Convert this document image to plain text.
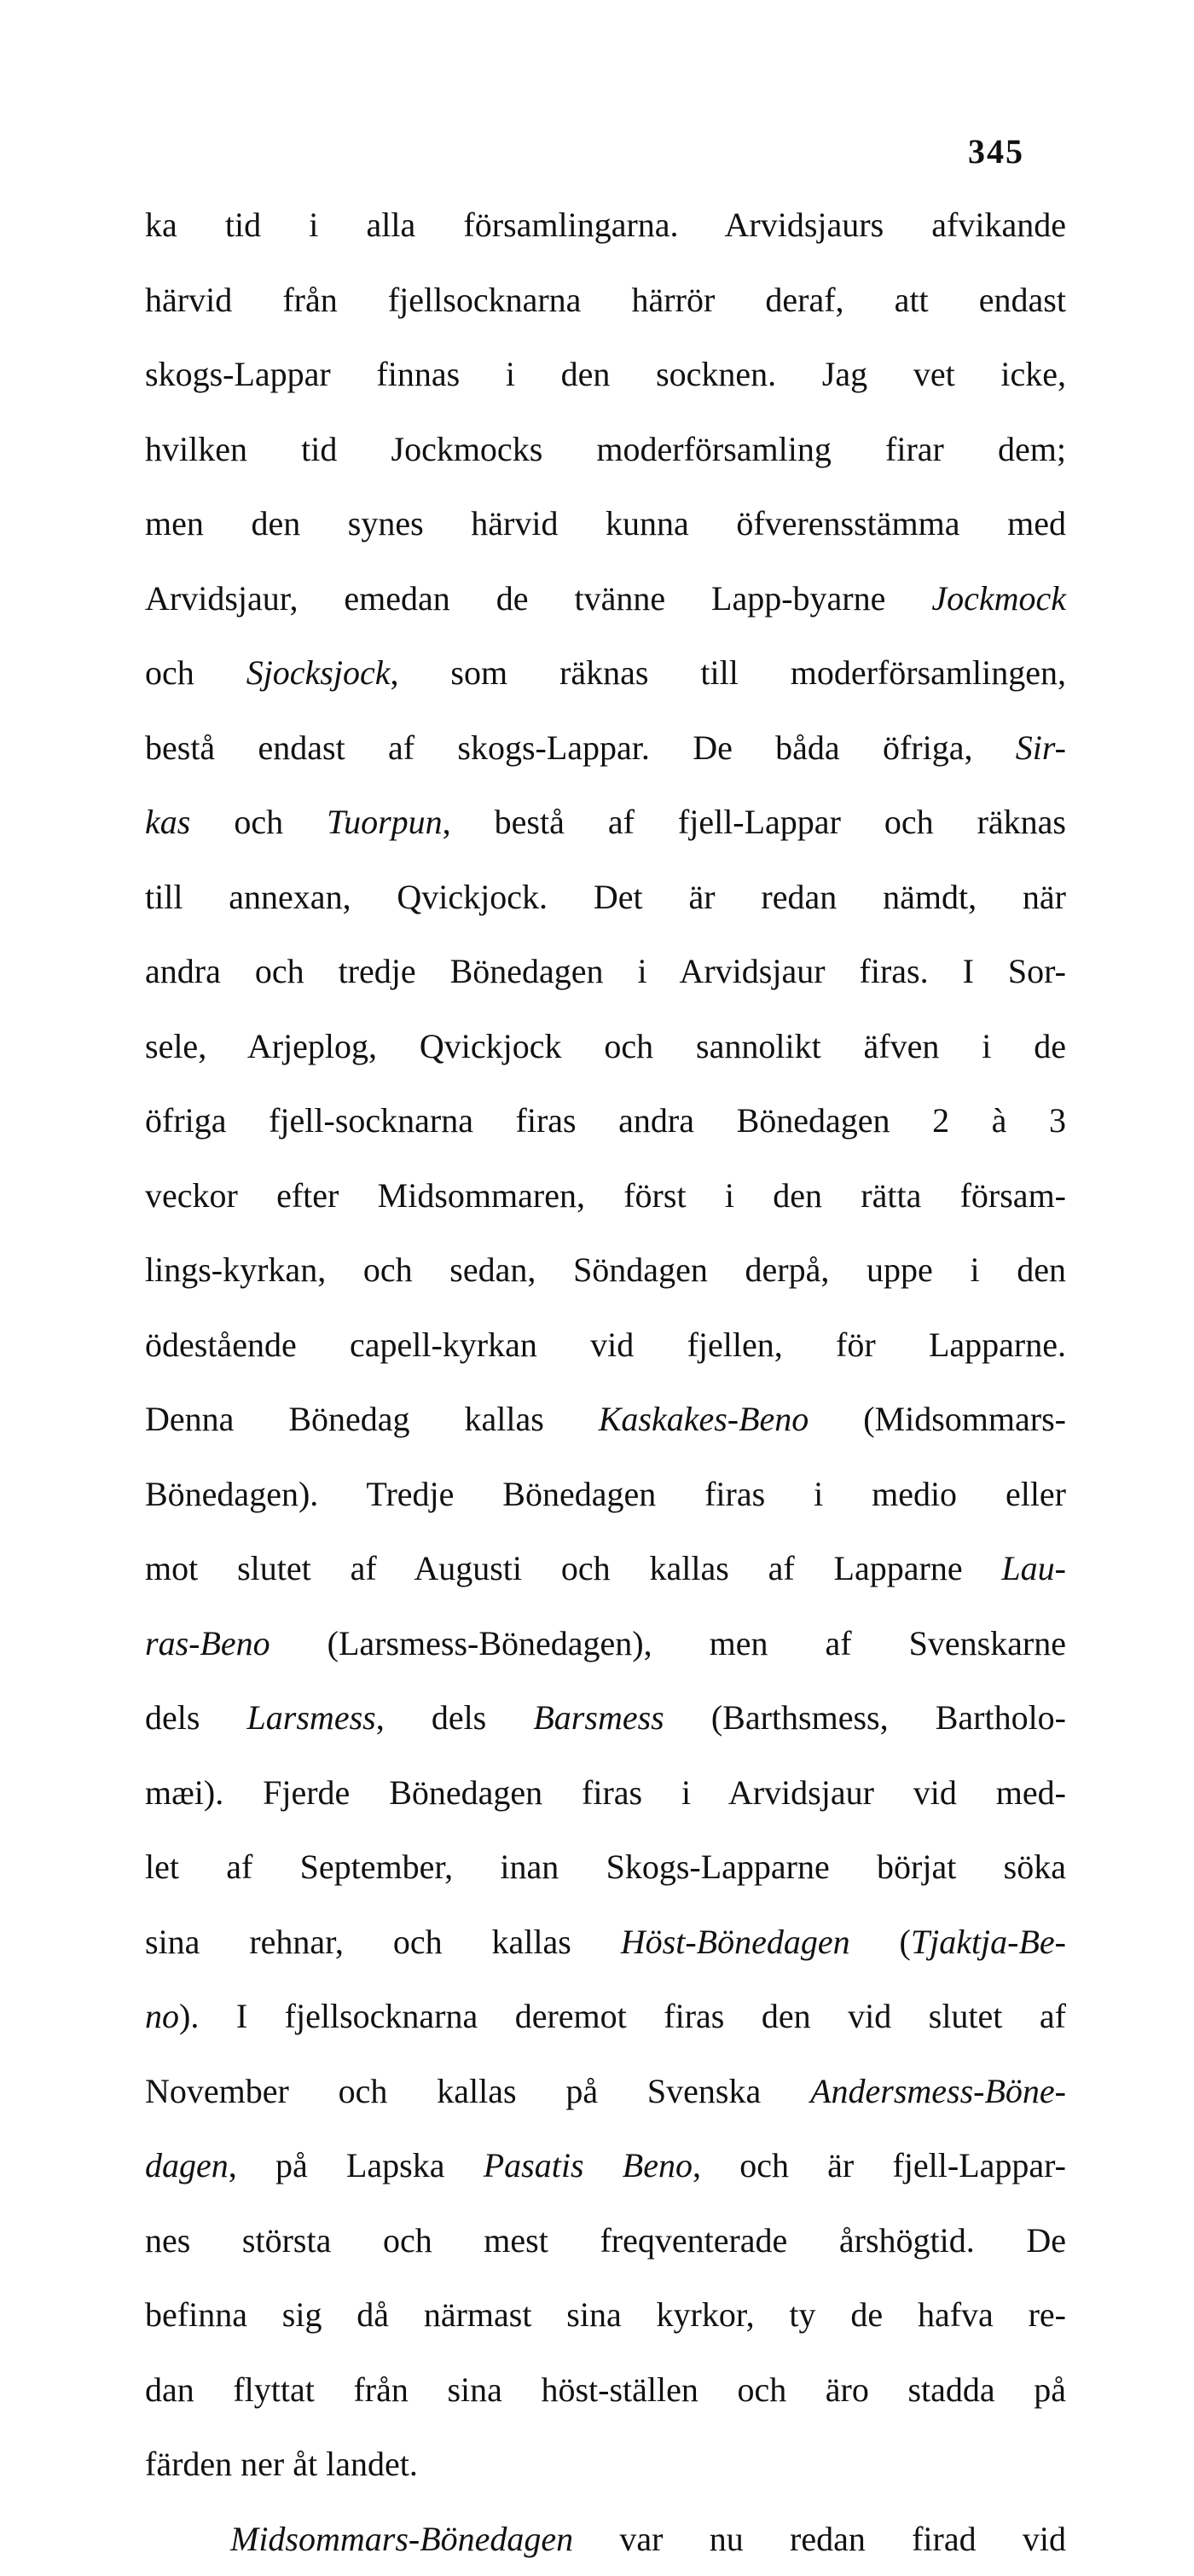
345
ka tid i alla församlingarna. Arvidsjaurs afvikande
härvid från fjellsocknarna härrör deraf, att endast
skogs-Lappar finnas i den socknen. Jag vet icke,
hvilken tid Jockmocks moderförsamling firar dem;
men den synes härvid kunna öfverensstämma med
Arvidsjaur, emedan de tvänne Lapp-byarne Jockmock
och Sjocksjock, som räknas till moderförsamlingen,
bestå endast af skogs-Lappar. De båda öfriga, Sir-
kas och Tuorpun, bestå af fjell-Lappar och räknas
till annexan, Qvickjock. Det är redan nämdt, när
andra och tredje Bönedagen i Arvidsjaur firas. I Sor-
sele, Arjeplog, Qvickjock och sannolikt äfven i de
öfriga fjell-socknarna firas andra Bönedagen 2 à 3
veckor efter Midsommaren, först i den rätta försam-
lings-kyrkan, och sedan, Söndagen derpå, uppe i den
ödestående capell-kyrkan vid fjellen, för Lapparne.
Denna Bönedag kallas Kaskakes-Beno (Midsommars-
Bönedagen). Tredje Bönedagen firas i medio eller
mot slutet af Augusti och kallas af Lapparne Lau-
ras-Beno (Larsmess-Bönedagen), men af Svenskarne
dels Larsmess, dels Barsmess (Barthsmess, Bartholo-
mæi). Fjerde Bönedagen firas i Arvidsjaur vid med-
let af September, inan Skogs-Lapparne börjat söka
sina rehnar, och kallas Höst-Bönedagen (Tjaktja-Be-
no). I fjellsocknarna deremot firas den vid slutet af
November och kallas på Svenska Andersmess-Böne-
dagen, på Lapska Pasatis Beno, och är fjell-Lappar-
nes största och mest freqventerade årshögtid. De
befinna sig då närmast sina kyrkor, ty de hafva re-
dan flyttat från sina höst-ställen och äro stadda på
färden ner åt landet.
Midsommars-Bönedagen var nu redan firad vid
